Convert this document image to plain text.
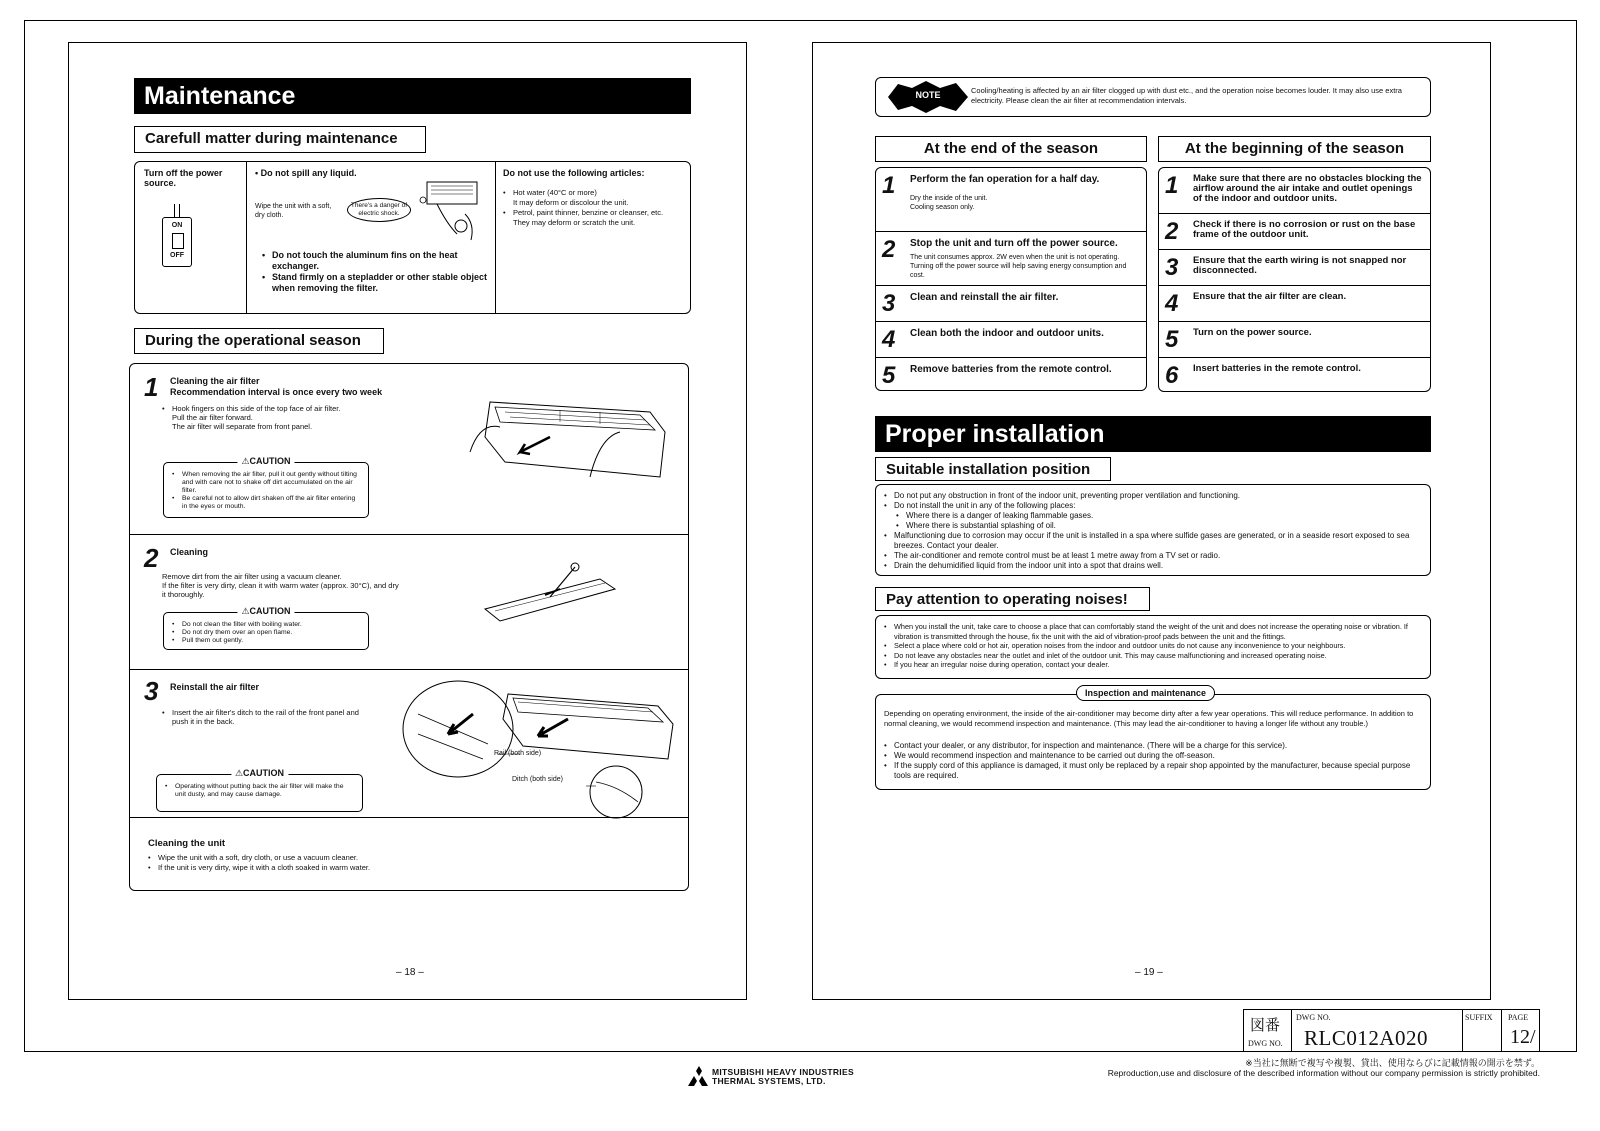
Maintenance
Carefull matter during maintenance
Turn off the power source.
ON
OFF
• Do not spill any liquid.
Wipe the unit with a soft, dry cloth.
There's a danger of electric shock.
• Do not touch the aluminum fins on the heat exchanger.
• Stand firmly on a stepladder or other stable object when removing the filter.
Do not use the following articles:
• Hot water (40°C or more)
It may deform or discolour the unit.
• Petrol, paint thinner, benzine or cleanser, etc.
They may deform or scratch the unit.
During the operational season
1 Cleaning the air filter
Recommendation interval is once every two week
• Hook fingers on this side of the top face of air filter.
Pull the air filter forward.
The air filter will separate from front panel.
⚠CAUTION
• When removing the air filter, pull it out gently without tilting and with care not to shake off dirt accumulated on the air filter.
• Be careful not to allow dirt shaken off the air filter entering in the eyes or mouth.
2 Cleaning
Remove dirt from the air filter using a vacuum cleaner.
If the filter is very dirty, clean it with warm water (approx. 30°C), and dry it thoroughly.
⚠CAUTION
• Do not clean the filter with boiling water.
• Do not dry them over an open flame.
• Pull them out gently.
3 Reinstall the air filter
• Insert the air filter's ditch to the rail of the front panel and push it in the back.
⚠CAUTION
• Operating without putting back the air filter will make the unit dusty, and may cause damage.
Rail (both side)
Ditch (both side)
Cleaning the unit
• Wipe the unit with a soft, dry cloth, or use a vacuum cleaner.
• If the unit is very dirty, wipe it with a cloth soaked in warm water.
– 18 –
NOTE	Cooling/heating is affected by an air filter clogged up with dust etc., and the operation noise becomes louder. It may also use extra electricity. Please clean the air filter at recommendation intervals.
At the end of the season
1 Perform the fan operation for a half day.
Dry the inside of the unit.
Cooling season only.
2 Stop the unit and turn off the power source.
The unit consumes approx. 2W even when the unit is not operating. Turning off the power source will help saving energy consumption and cost.
3 Clean and reinstall the air filter.
4 Clean both the indoor and outdoor units.
5 Remove batteries from the remote control.
At the beginning of the season
1 Make sure that there are no obstacles blocking the airflow around the air intake and outlet openings of the indoor and outdoor units.
2 Check if there is no corrosion or rust on the base frame of the outdoor unit.
3 Ensure that the earth wiring is not snapped nor disconnected.
4 Ensure that the air filter are clean.
5 Turn on the power source.
6 Insert batteries in the remote control.
Proper installation
Suitable installation position
• Do not put any obstruction in front of the indoor unit, preventing proper ventilation and functioning.
• Do not install the unit in any of the following places:
• Where there is a danger of leaking flammable gases.
• Where there is substantial splashing of oil.
• Malfunctioning due to corrosion may occur if the unit is installed in a spa where sulfide gases are generated, or in a seaside resort exposed to sea breezes. Contact your dealer.
• The air-conditioner and remote control must be at least 1 metre away from a TV set or radio.
• Drain the dehumidified liquid from the indoor unit into a spot that drains well.
Pay attention to operating noises!
• When you install the unit, take care to choose a place that can comfortably stand the weight of the unit and does not increase the operating noise or vibration. If vibration is transmitted through the house, fix the unit with the aid of vibration-proof pads between the unit and the fittings.
• Select a place where cold or hot air, operation noises from the indoor and outdoor units do not cause any inconvenience to your neighbours.
• Do not leave any obstacles near the outlet and inlet of the outdoor unit. This may cause malfunctioning and increased operating noise.
• If you hear an irregular noise during operation, contact your dealer.
Inspection and maintenance
Depending on operating environment, the inside of the air-conditioner may become dirty after a few year operations. This will reduce performance. In addition to normal cleaning, we would recommend inspection and maintenance. (This may lead the air-conditioner to having a longer life without any trouble.)
• Contact your dealer, or any distributor, for inspection and maintenance. (There will be a charge for this service).
• We would recommend inspection and maintenance to be carried out during the off-season.
• If the supply cord of this appliance is damaged, it must only be replaced by a repair shop appointed by the manufacturer, because special purpose tools are required.
– 19 –
図番
DWG NO.
DWG NO.
RLC012A020
SUFFIX PAGE
12/
MITSUBISHI HEAVY INDUSTRIES
THERMAL SYSTEMS, LTD.
※当社に無断で複写や複製、貸出、使用ならびに記載情報の開示を禁ず。
Reproduction,use and disclosure of the described information without our company permission is strictly prohibited.
